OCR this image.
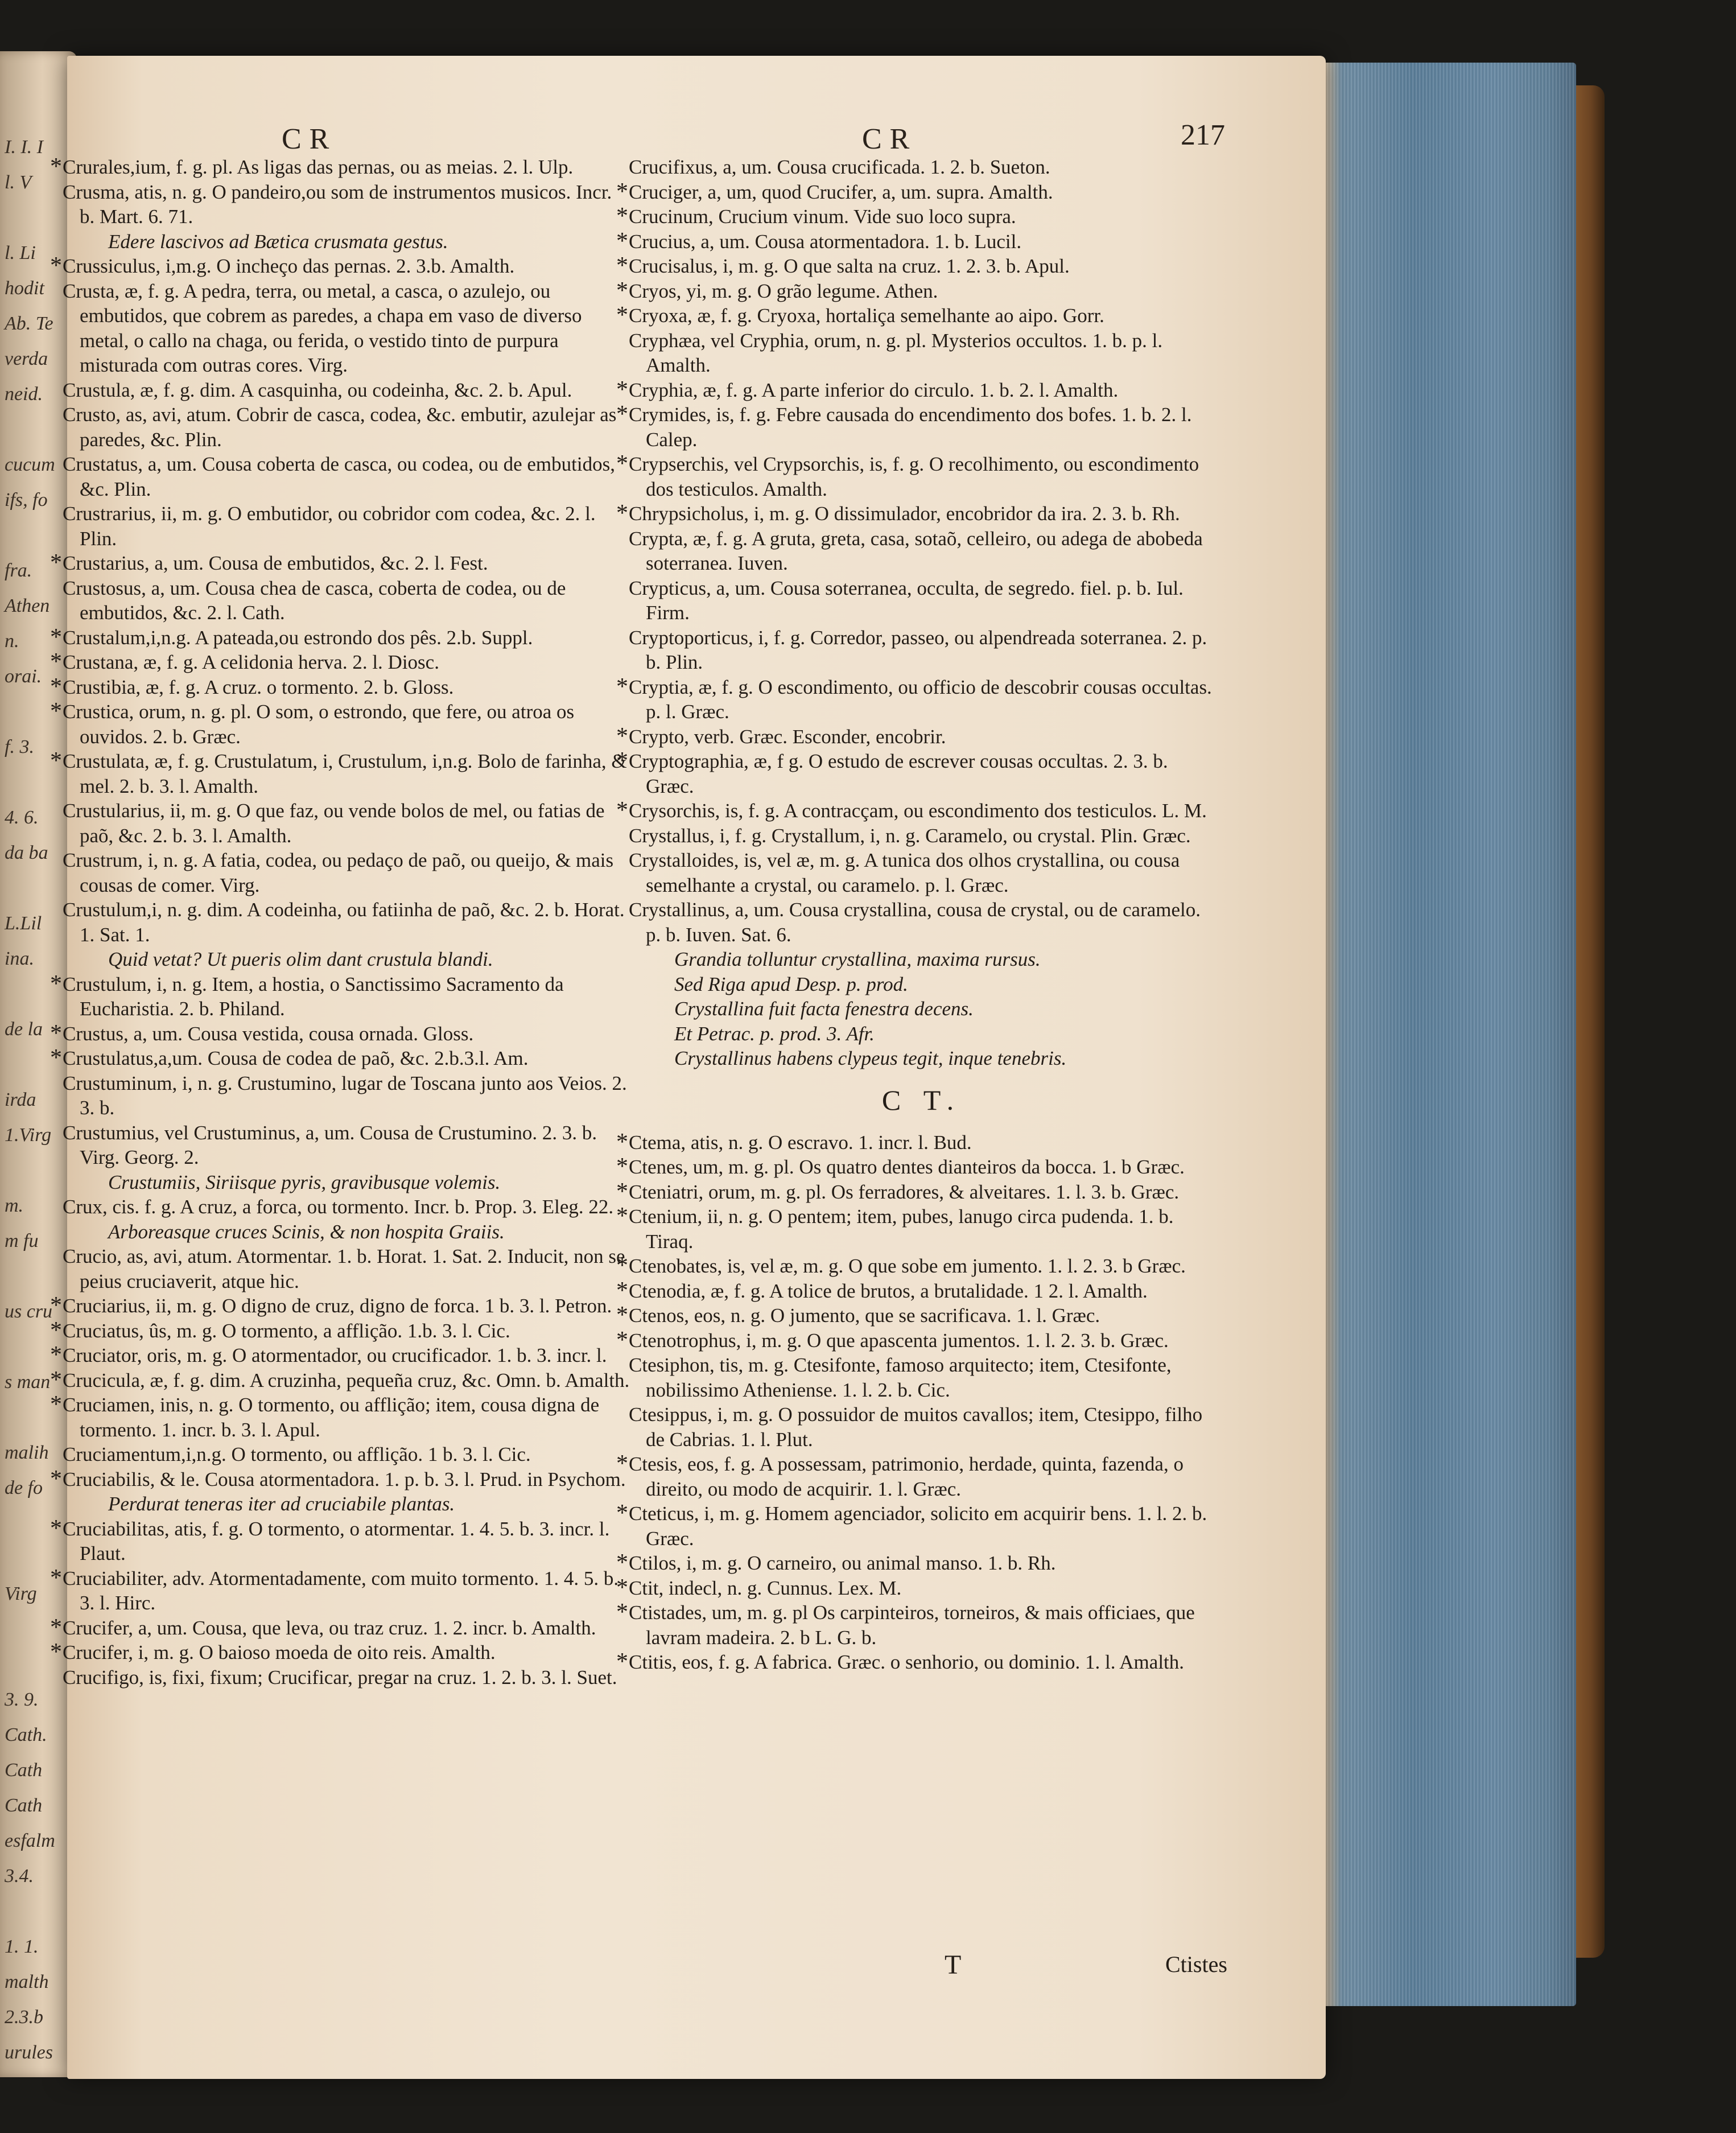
I. I. I
l. V
l. Li
hodit
Ab. Te
verda
neid.
cucum
ifs, fo
fra.
Athen
n.
orai.
f. 3.
4. 6.
da ba
L.Lil
ina.
de la
irda
1.Virg
m.
m fu
us cru
s man
malih
de fo
Virg
3. 9.
Cath.
Cath
Cath
esfalm
3.4.
1. 1.
malth
2.3.b
urules
CR	CR	217
* Crurales,ium, f. g. pl. As ligas das pernas, ou as meias. 2. l. Ulp.
Crusma, atis, n. g. O pandeiro,ou som de instrumentos musicos. Incr. b. Mart. 6. 71.
Edere lascivos ad Bætica crusmata gestus.
* Crussiculus, i,m.g. O incheço das pernas. 2. 3.b. Amalth.
Crusta, æ, f. g. A pedra, terra, ou metal, a casca, o azulejo, ou embutidos, que cobrem as paredes, a chapa em vaso de diverso metal, o callo na chaga, ou ferida, o vestido tinto de purpura misturada com outras cores. Virg.
Crustula, æ, f. g. dim. A casquinha, ou codeinha, &c. 2. b. Apul.
Crusto, as, avi, atum. Cobrir de casca, codea, &c. embutir, azulejar as paredes, &c. Plin.
Crustatus, a, um. Cousa coberta de casca, ou codea, ou de embutidos, &c. Plin.
Crustrarius, ii, m. g. O embutidor, ou cobridor com codea, &c. 2. l. Plin.
* Crustarius, a, um. Cousa de embutidos, &c. 2. l. Fest.
Crustosus, a, um. Cousa chea de casca, coberta de codea, ou de embutidos, &c. 2. l. Cath.
* Crustalum,i,n.g. A pateada,ou estrondo dos pês. 2.b. Suppl.
* Crustana, æ, f. g. A celidonia herva. 2. l. Diosc.
* Crustibia, æ, f. g. A cruz. o tormento. 2. b. Gloss.
* Crustica, orum, n. g. pl. O som, o estrondo, que fere, ou atroa os ouvidos. 2. b. Græc.
* Crustulata, æ, f. g. Crustulatum, i, Crustulum, i,n.g. Bolo de farinha, & mel. 2. b. 3. l. Amalth.
Crustularius, ii, m. g. O que faz, ou vende bolos de mel, ou fatias de paõ, &c. 2. b. 3. l. Amalth.
Crustrum, i, n. g. A fatia, codea, ou pedaço de paõ, ou queijo, & mais cousas de comer. Virg.
Crustulum,i, n. g. dim. A codeinha, ou fatiinha de paõ, &c. 2. b. Horat. 1. Sat. 1.
Quid vetat? Ut pueris olim dant crustula blandi.
* Crustulum, i, n. g. Item, a hostia, o Sanctissimo Sacramento da Eucharistia. 2. b. Philand.
* Crustus, a, um. Cousa vestida, cousa ornada. Gloss.
* Crustulatus,a,um. Cousa de codea de paõ, &c. 2.b.3.l. Am.
Crustuminum, i, n. g. Crustumino, lugar de Toscana junto aos Veios. 2. 3. b.
Crustumius, vel Crustuminus, a, um. Cousa de Crustumino. 2. 3. b. Virg. Georg. 2.
Crustumiis, Siriisque pyris, gravibusque volemis.
Crux, cis. f. g. A cruz, a forca, ou tormento. Incr. b. Prop. 3. Eleg. 22.
Arboreasque cruces Scinis, & non hospita Graiis.
Crucio, as, avi, atum. Atormentar. 1. b. Horat. 1. Sat. 2. Inducit, non se peius cruciaverit, atque hic.
* Cruciarius, ii, m. g. O digno de cruz, digno de forca. 1 b. 3. l. Petron.
* Cruciatus, ûs, m. g. O tormento, a afflição. 1.b. 3. l. Cic.
* Cruciator, oris, m. g. O atormentador, ou crucificador. 1. b. 3. incr. l.
* Crucicula, æ, f. g. dim. A cruzinha, pequeña cruz, &c. Omn. b. Amalth.
* Cruciamen, inis, n. g. O tormento, ou afflição; item, cousa digna de tormento. 1. incr. b. 3. l. Apul.
Cruciamentum,i,n.g. O tormento, ou afflição. 1 b. 3. l. Cic.
* Cruciabilis, & le. Cousa atormentadora. 1. p. b. 3. l. Prud. in Psychom.
Perdurat teneras iter ad cruciabile plantas.
* Cruciabilitas, atis, f. g. O tormento, o atormentar. 1. 4. 5. b. 3. incr. l. Plaut.
* Cruciabiliter, adv. Atormentadamente, com muito tormento. 1. 4. 5. b. 3. l. Hirc.
* Crucifer, a, um. Cousa, que leva, ou traz cruz. 1. 2. incr. b. Amalth.
* Crucifer, i, m. g. O baioso moeda de oito reis. Amalth.
Crucifigo, is, fixi, fixum; Crucificar, pregar na cruz. 1. 2. b. 3. l. Suet.
Crucifixus, a, um. Cousa crucificada. 1. 2. b. Sueton.
* Cruciger, a, um, quod Crucifer, a, um. supra. Amalth.
* Crucinum, Crucium vinum. Vide suo loco supra.
* Crucius, a, um. Cousa atormentadora. 1. b. Lucil.
* Crucisalus, i, m. g. O que salta na cruz. 1. 2. 3. b. Apul.
* Cryos, yi, m. g. O grão legume. Athen.
* Cryoxa, æ, f. g. Cryoxa, hortaliça semelhante ao aipo. Gorr.
Cryphæa, vel Cryphia, orum, n. g. pl. Mysterios occultos. 1. b. p. l. Amalth.
* Cryphia, æ, f. g. A parte inferior do circulo. 1. b. 2. l. Amalth.
* Crymides, is, f. g. Febre causada do encendimento dos bofes. 1. b. 2. l. Calep.
* Crypserchis, vel Crypsorchis, is, f. g. O recolhimento, ou escondimento dos testiculos. Amalth.
* Chrypsicholus, i, m. g. O dissimulador, encobridor da ira. 2. 3. b. Rh.
Crypta, æ, f. g. A gruta, greta, casa, sotaõ, celleiro, ou adega de abobeda soterranea. Iuven.
Crypticus, a, um. Cousa soterranea, occulta, de segredo. fiel. p. b. Iul. Firm.
Cryptoporticus, i, f. g. Corredor, passeo, ou alpendreada soterranea. 2. p. b. Plin.
* Cryptia, æ, f. g. O escondimento, ou officio de descobrir cousas occultas. p. l. Græc.
* Crypto, verb. Græc. Esconder, encobrir.
* Cryptographia, æ, f g. O estudo de escrever cousas occultas. 2. 3. b. Græc.
* Crysorchis, is, f. g. A contracçam, ou escondimento dos testiculos. L. M.
Crystallus, i, f. g. Crystallum, i, n. g. Caramelo, ou crystal. Plin. Græc.
Crystalloides, is, vel æ, m. g. A tunica dos olhos crystallina, ou cousa semelhante a crystal, ou caramelo. p. l. Græc.
Crystallinus, a, um. Cousa crystallina, cousa de crystal, ou de caramelo. p. b. Iuven. Sat. 6.
Grandia tolluntur crystallina, maxima rursus.
Sed Riga apud Desp. p. prod.
Crystallina fuit facta fenestra decens.
Et Petrac. p. prod. 3. Afr.
Crystallinus habens clypeus tegit, inque tenebris.
C T.
* Ctema, atis, n. g. O escravo. 1. incr. l. Bud.
* Ctenes, um, m. g. pl. Os quatro dentes dianteiros da bocca. 1. b Græc.
* Cteniatri, orum, m. g. pl. Os ferradores, & alveitares. 1. l. 3. b. Græc.
* Ctenium, ii, n. g. O pentem; item, pubes, lanugo circa pudenda. 1. b. Tiraq.
* Ctenobates, is, vel æ, m. g. O que sobe em jumento. 1. l. 2. 3. b Græc.
* Ctenodia, æ, f. g. A tolice de brutos, a brutalidade. 1 2. l. Amalth.
* Ctenos, eos, n. g. O jumento, que se sacrificava. 1. l. Græc.
* Ctenotrophus, i, m. g. O que apascenta jumentos. 1. l. 2. 3. b. Græc.
Ctesiphon, tis, m. g. Ctesifonte, famoso arquitecto; item, Ctesifonte, nobilissimo Atheniense. 1. l. 2. b. Cic.
Ctesippus, i, m. g. O possuidor de muitos cavallos; item, Ctesippo, filho de Cabrias. 1. l. Plut.
* Ctesis, eos, f. g. A possessam, patrimonio, herdade, quinta, fazenda, o direito, ou modo de acquirir. 1. l. Græc.
* Cteticus, i, m. g. Homem agenciador, solicito em acquirir bens. 1. l. 2. b. Græc.
* Ctilos, i, m. g. O carneiro, ou animal manso. 1. b. Rh.
* Ctit, indecl, n. g. Cunnus. Lex. M.
* Ctistades, um, m. g. pl Os carpinteiros, torneiros, & mais officiaes, que lavram madeira. 2. b L. G. b.
* Ctitis, eos, f. g. A fabrica. Græc. o senhorio, ou dominio. 1. l. Amalth.
T	Ctistes
